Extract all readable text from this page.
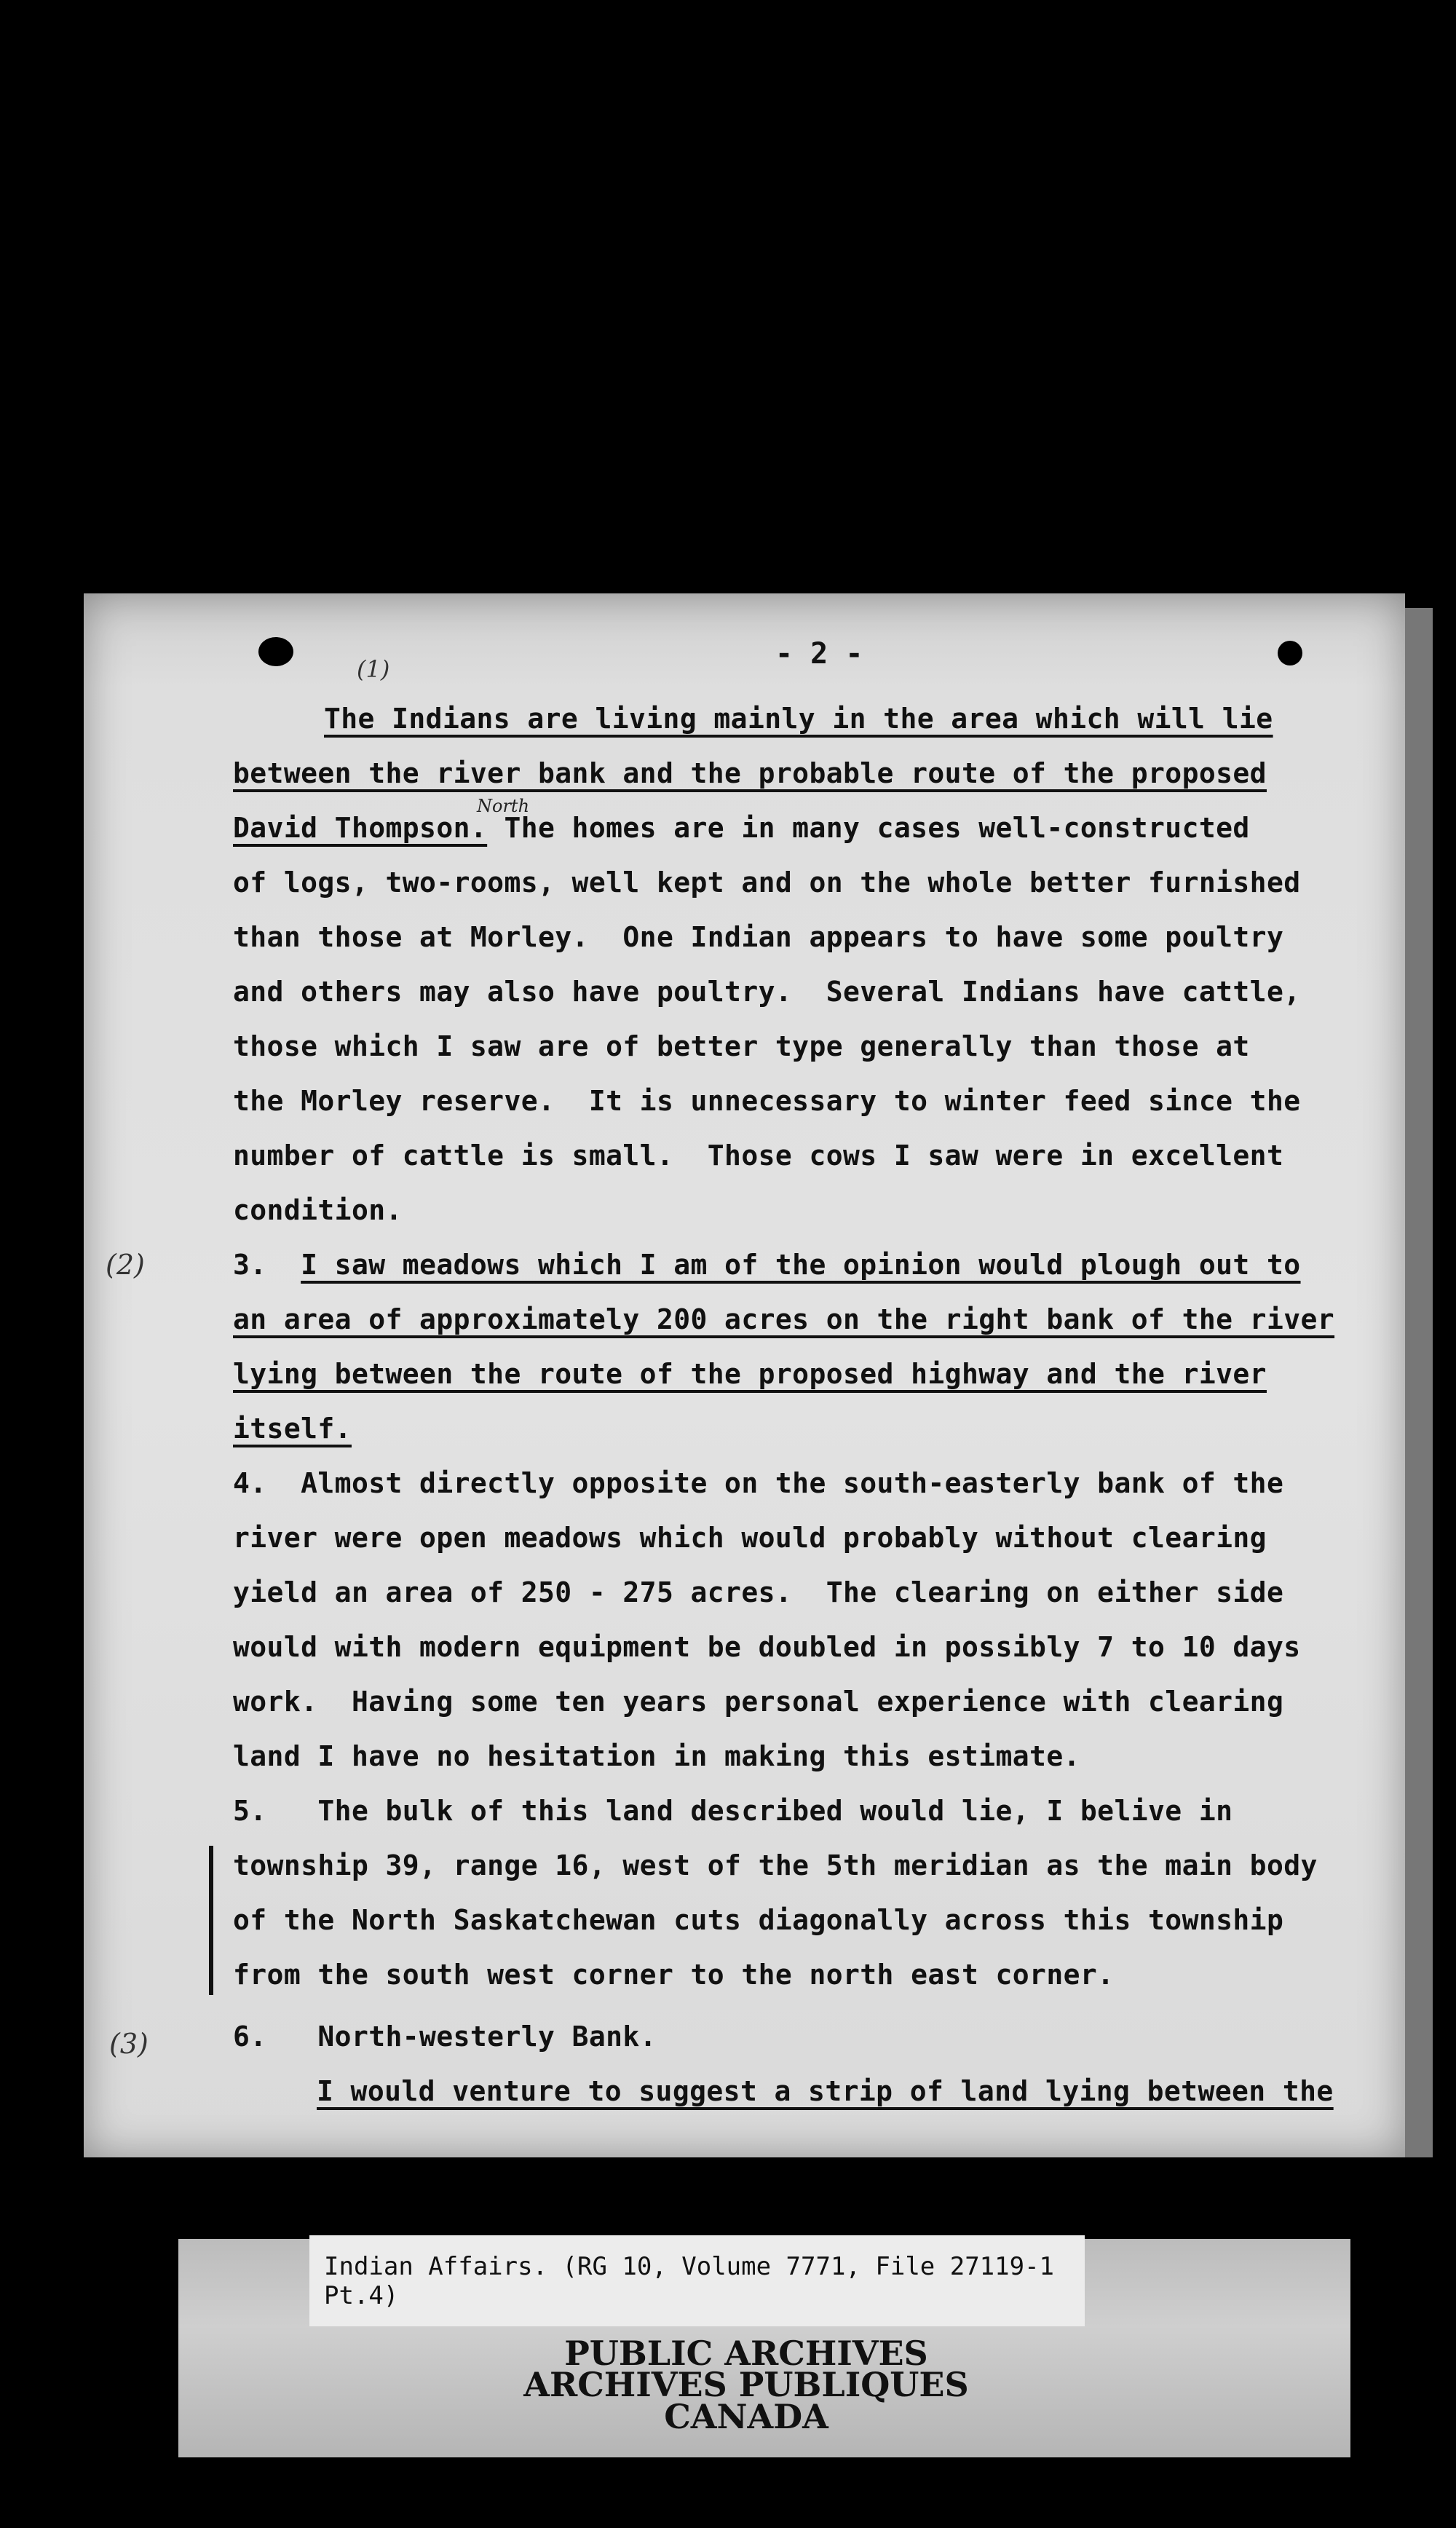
(1)	- 2 -
The Indians are living mainly in the area which will lie
between the river bank and the probable route of the proposed
David Thompson. The homes are in many cases well-constructed
North
of logs, two-rooms, well kept and on the whole better furnished
than those at Morley.  One Indian appears to have some poultry
and others may also have poultry.  Several Indians have cattle,
those which I saw are of better type generally than those at
the Morley reserve.  It is unnecessary to winter feed since the
number of cattle is small.  Those cows I saw were in excellent
condition.
(2)	3.  I saw meadows which I am of the opinion would plough out to
an area of approximately 200 acres on the right bank of the river
lying between the route of the proposed highway and the river
itself.
4.  Almost directly opposite on the south-easterly bank of the
river were open meadows which would probably without clearing
yield an area of 250 - 275 acres.  The clearing on either side
would with modern equipment be doubled in possibly 7 to 10 days
work.  Having some ten years personal experience with clearing
land I have no hesitation in making this estimate.
5.   The bulk of this land described would lie, I belive in
township 39, range 16, west of the 5th meridian as the main body
of the North Saskatchewan cuts diagonally across this township
from the south west corner to the north east corner.
(3)	6.   North-westerly Bank.
I would venture to suggest a strip of land lying between the
Indian Affairs. (RG 10, Volume 7771, File 27119-1 Pt.4)
PUBLIC ARCHIVES
ARCHIVES PUBLIQUES
CANADA
